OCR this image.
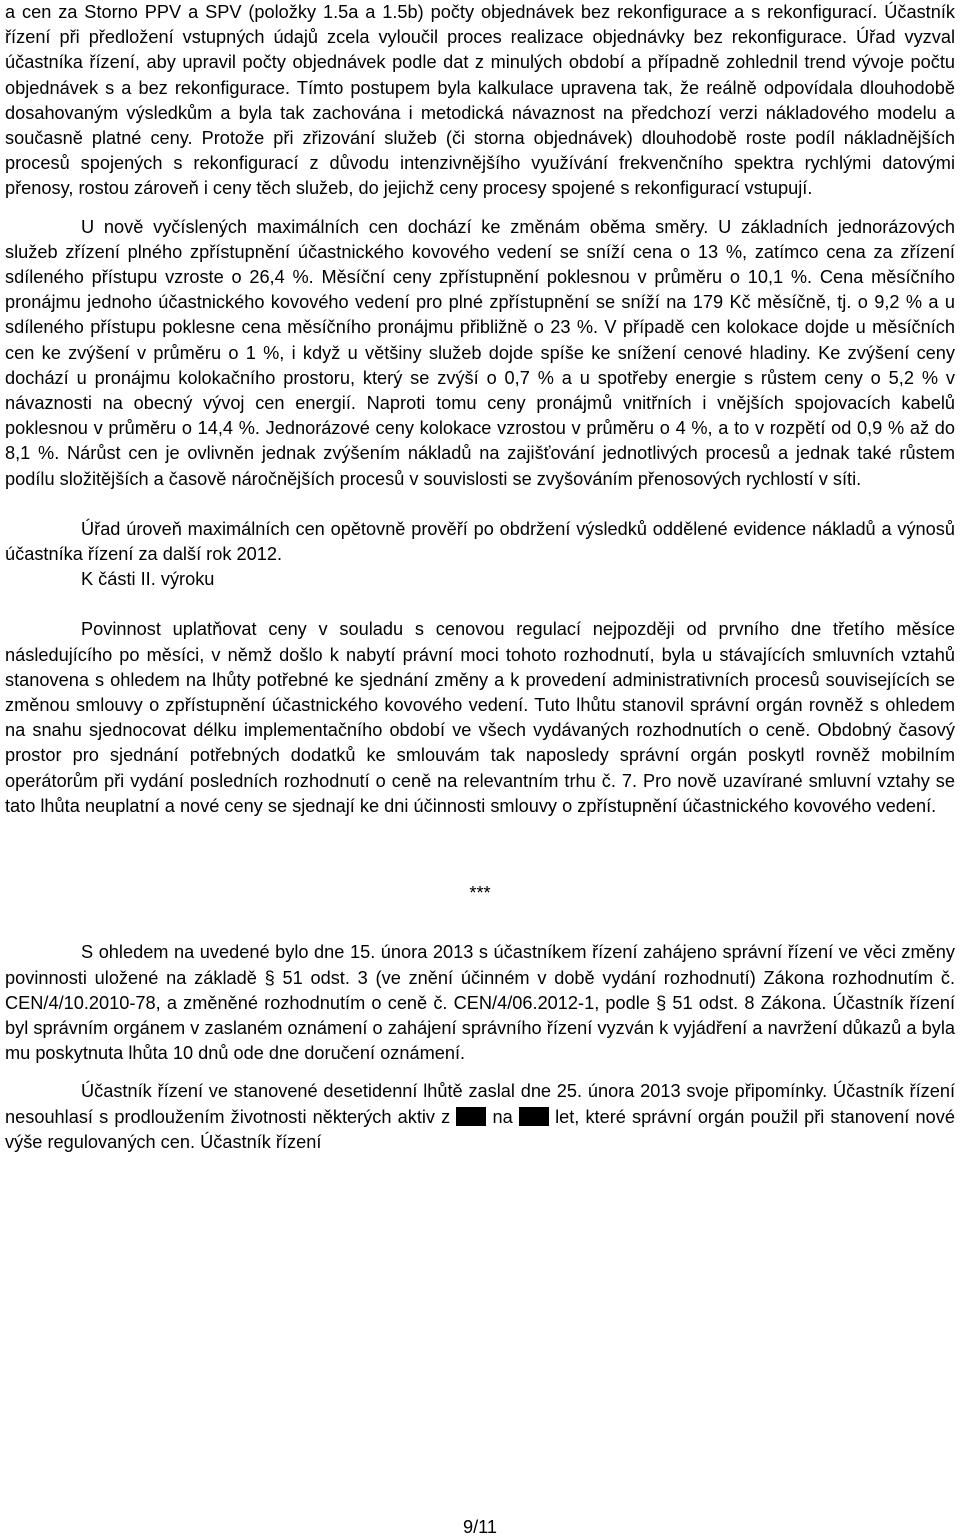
a cen za Storno PPV a SPV (položky 1.5a a 1.5b) počty objednávek bez rekonfigurace a s rekonfigurací. Účastník řízení při předložení vstupných údajů zcela vyloučil proces realizace objednávky bez rekonfigurace. Úřad vyzval účastníka řízení, aby upravil počty objednávek podle dat z minulých období a případně zohlednil trend vývoje počtu objednávek s a bez rekonfigurace. Tímto postupem byla kalkulace upravena tak, že reálně odpovídala dlouhodobě dosahovaným výsledkům a byla tak zachována i metodická návaznost na předchozí verzi nákladového modelu a současně platné ceny. Protože při zřizování služeb (či storna objednávek) dlouhodobě roste podíl nákladnějších procesů spojených s rekonfigurací z důvodu intenzivnějšího využívání frekvenčního spektra rychlými datovými přenosy, rostou zároveň i ceny těch služeb, do jejichž ceny procesy spojené s rekonfigurací vstupují.

U nově vyčíslených maximálních cen dochází ke změnám oběma směry. U základních jednorázových služeb zřízení plného zpřístupnění účastnického kovového vedení se sníží cena o 13 %, zatímco cena za zřízení sdíleného přístupu vzroste o 26,4 %. Měsíční ceny zpřístupnění poklesnou v průměru o 10,1 %. Cena měsíčního pronájmu jednoho účastnického kovového vedení pro plné zpřístupnění se sníží na 179 Kč měsíčně, tj. o 9,2 % a u sdíleného přístupu poklesne cena měsíčního pronájmu přibližně o 23 %. V případě cen kolokace dojde u měsíčních cen ke zvýšení v průměru o 1 %, i když u většiny služeb dojde spíše ke snížení cenové hladiny. Ke zvýšení ceny dochází u pronájmu kolokačního prostoru, který se zvýší o 0,7 % a u spotřeby energie s růstem ceny o 5,2 % v návaznosti na obecný vývoj cen energií. Naproti tomu ceny pronájmů vnitřních i vnějších spojovacích kabelů poklesnou v průměru o 14,4 %. Jednorázové ceny kolokace vzrostou v průměru o 4 %, a to v rozpětí od 0,9 % až do 8,1 %. Nárůst cen je ovlivněn jednak zvýšením nákladů na zajišťování jednotlivých procesů a jednak také růstem podílu složitějších a časově náročnějších procesů v souvislosti se zvyšováním přenosových rychlostí v síti.

Úřad úroveň maximálních cen opětovně prověří po obdržení výsledků oddělené evidence nákladů a výnosů účastníka řízení za další rok 2012.

K části II. výroku

Povinnost uplatňovat ceny v souladu s cenovou regulací nejpozději od prvního dne třetího měsíce následujícího po měsíci, v němž došlo k nabytí právní moci tohoto rozhodnutí, byla u stávajících smluvních vztahů stanovena s ohledem na lhůty potřebné ke sjednání změny a k provedení administrativních procesů souvisejících se změnou smlouvy o zpřístupnění účastnického kovového vedení. Tuto lhůtu stanovil správní orgán rovněž s ohledem na snahu sjednocovat délku implementačního období ve všech vydávaných rozhodnutích o ceně. Obdobný časový prostor pro sjednání potřebných dodatků ke smlouvám tak naposledy správní orgán poskytl rovněž mobilním operátorům při vydání posledních rozhodnutí o ceně na relevantním trhu č. 7. Pro nově uzavírané smluvní vztahy se tato lhůta neuplatní a nové ceny se sjednají ke dni účinnosti smlouvy o zpřístupnění účastnického kovového vedení.

***

S ohledem na uvedené bylo dne 15. února 2013 s účastníkem řízení zahájeno správní řízení ve věci změny povinnosti uložené na základě § 51 odst. 3 (ve znění účinném v době vydání rozhodnutí) Zákona rozhodnutím č. CEN/4/10.2010-78, a změněné rozhodnutím o ceně č. CEN/4/06.2012-1, podle § 51 odst. 8 Zákona. Účastník řízení byl správním orgánem v zaslaném oznámení o zahájení správního řízení vyzván k vyjádření a navržení důkazů a byla mu poskytnuta lhůta 10 dnů ode dne doručení oznámení.

Účastník řízení ve stanovené desetidenní lhůtě zaslal dne 25. února 2013 svoje připomínky. Účastník řízení nesouhlasí s prodloužením životnosti některých aktiv z na let, které správní orgán použil při stanovení nové výše regulovaných cen. Účastník řízení

9/11
